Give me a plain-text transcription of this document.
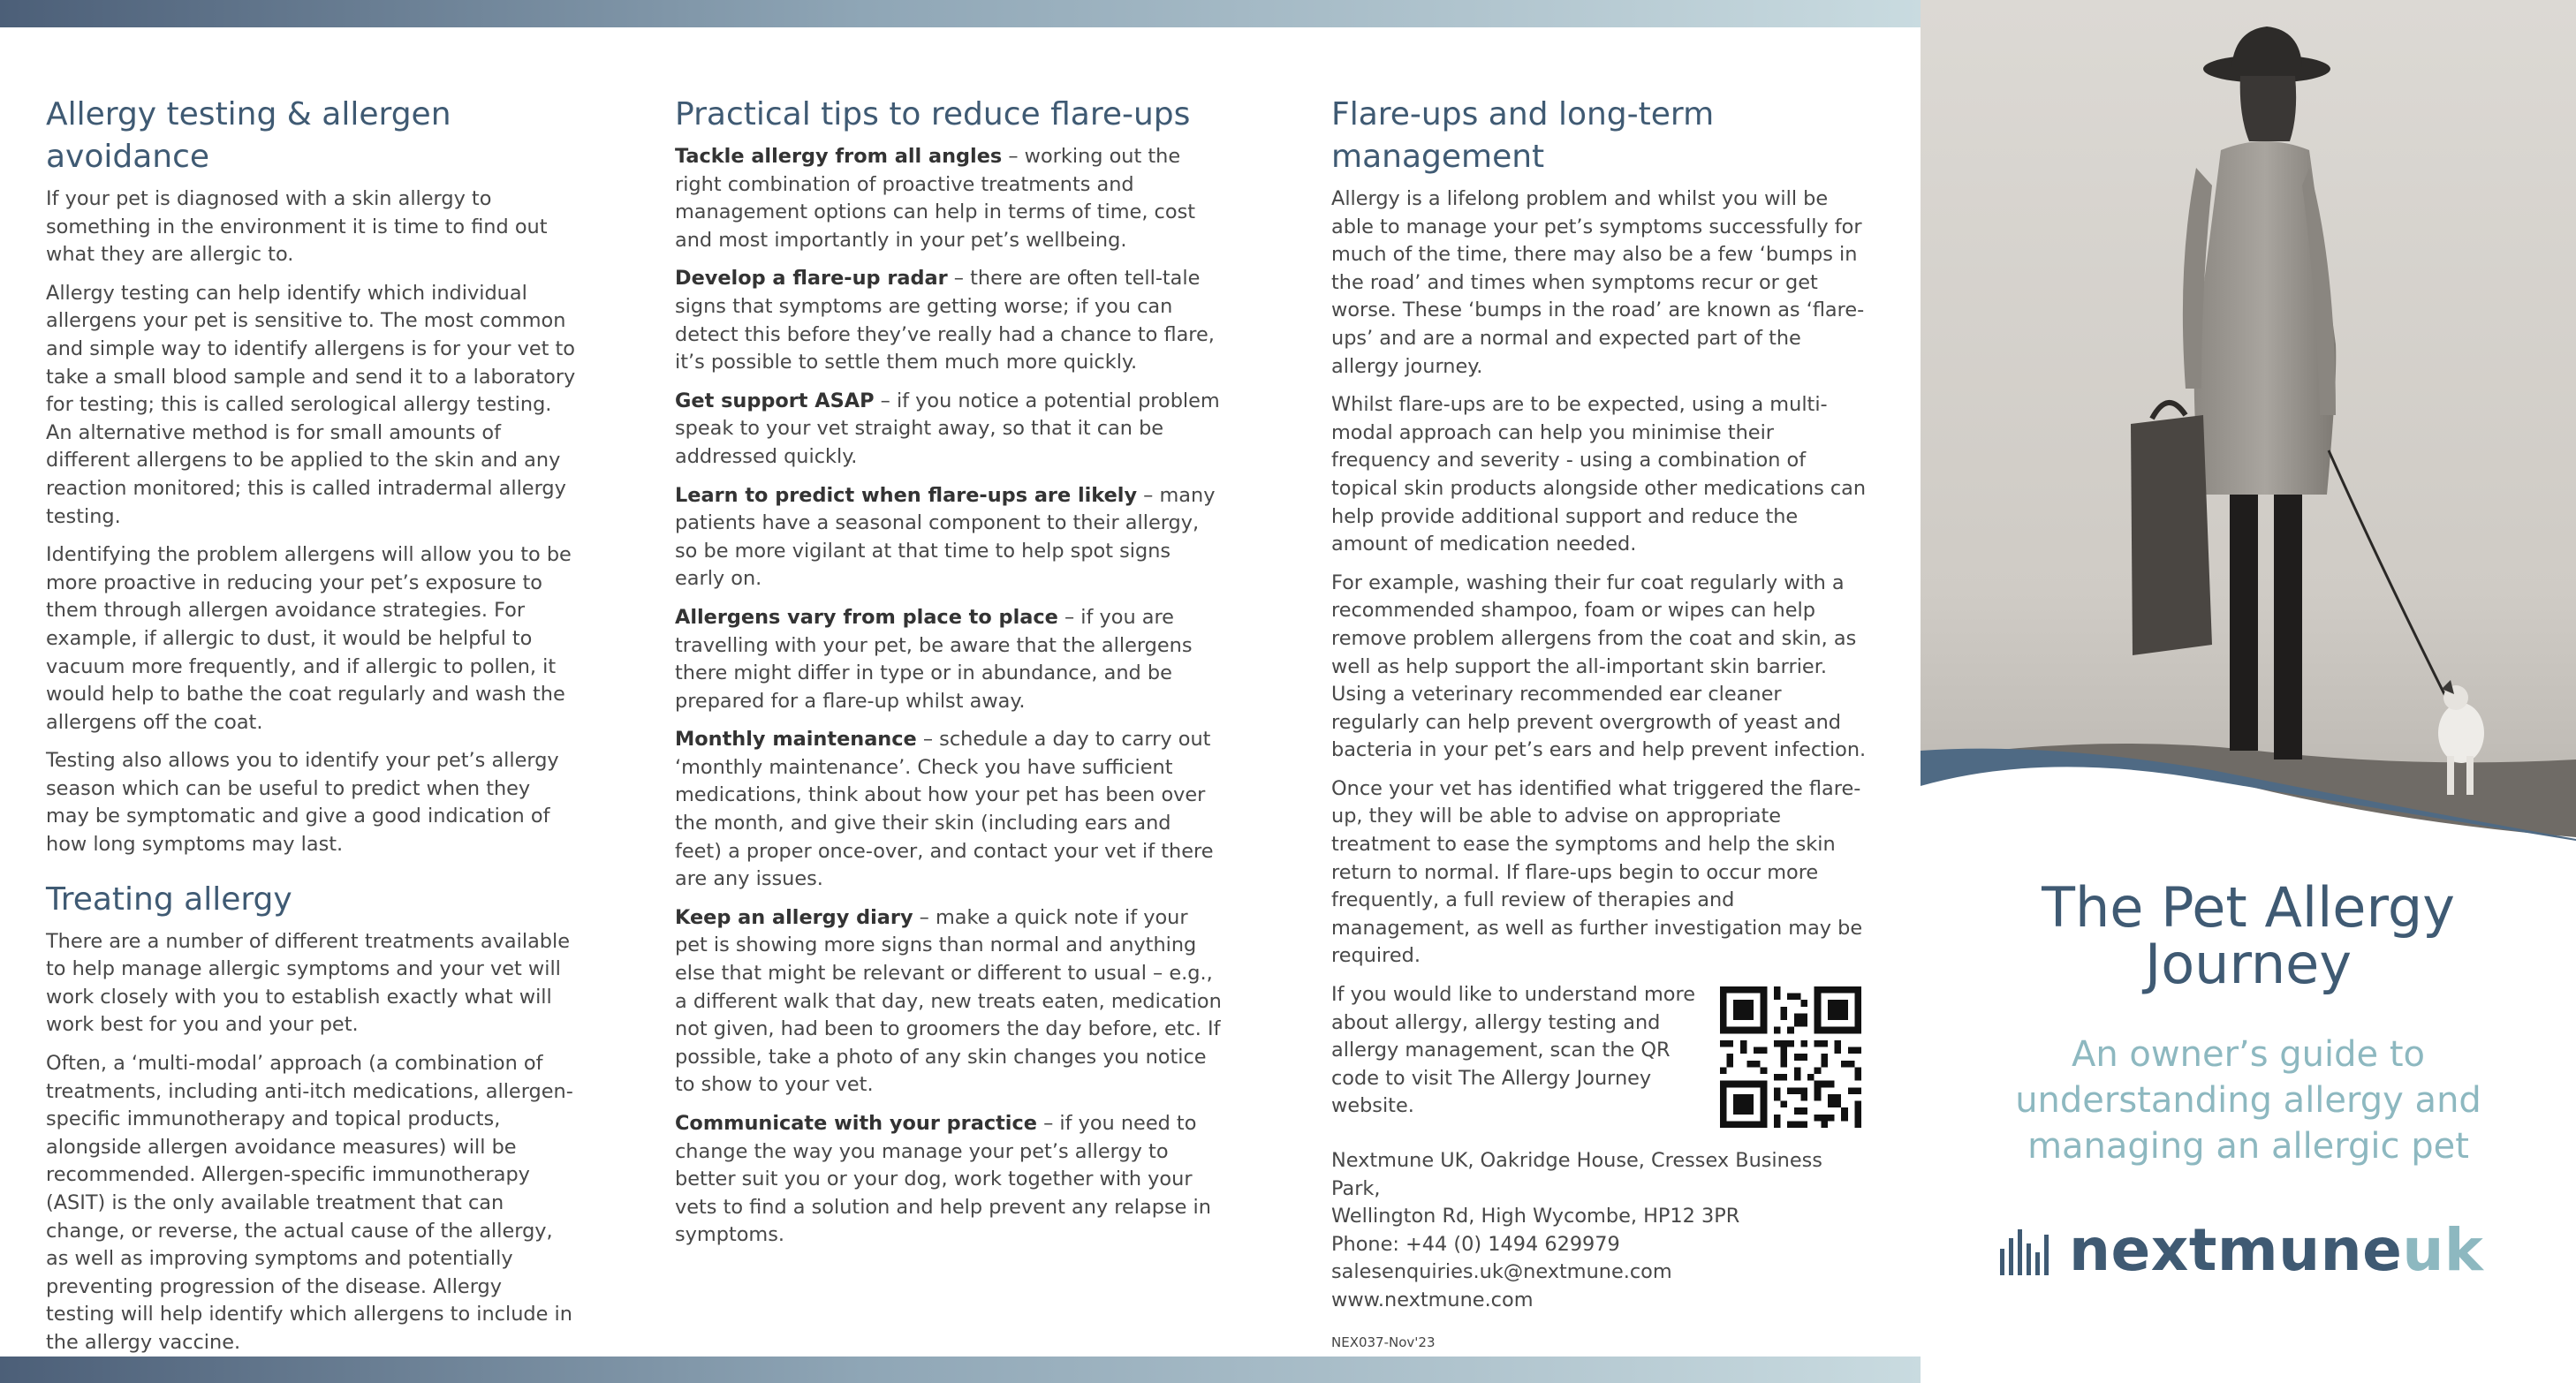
Allergy testing & allergen avoidance

If your pet is diagnosed with a skin allergy to something in the environment it is time to find out what they are allergic to.

Allergy testing can help identify which individual allergens your pet is sensitive to. The most common and simple way to identify allergens is for your vet to take a small blood sample and send it to a laboratory for testing; this is called serological allergy testing. An alternative method is for small amounts of different allergens to be applied to the skin and any reaction monitored; this is called intradermal allergy testing.

Identifying the problem allergens will allow you to be more proactive in reducing your pet’s exposure to them through allergen avoidance strategies. For example, if allergic to dust, it would be helpful to vacuum more frequently, and if allergic to pollen, it would help to bathe the coat regularly and wash the allergens off the coat.

Testing also allows you to identify your pet’s allergy season which can be useful to predict when they may be symptomatic and give a good indication of how long symptoms may last.

Treating allergy

There are a number of different treatments available to help manage allergic symptoms and your vet will work closely with you to establish exactly what will work best for you and your pet.

Often, a ‘multi-modal’ approach (a combination of treatments, including anti-itch medications, allergen-specific immunotherapy and topical products, alongside allergen avoidance measures) will be recommended. Allergen-specific immunotherapy (ASIT) is the only available treatment that can change, or reverse, the actual cause of the allergy, as well as improving symptoms and potentially preventing progression of the disease. Allergy testing will help identify which allergens to include in the allergy vaccine.

Practical tips to reduce flare-ups

Tackle allergy from all angles – working out the right combination of proactive treatments and management options can help in terms of time, cost and most importantly in your pet’s wellbeing.

Develop a flare-up radar – there are often tell-tale signs that symptoms are getting worse; if you can detect this before they’ve really had a chance to flare, it’s possible to settle them much more quickly.

Get support ASAP – if you notice a potential problem speak to your vet straight away, so that it can be addressed quickly.

Learn to predict when flare-ups are likely – many patients have a seasonal component to their allergy, so be more vigilant at that time to help spot signs early on.

Allergens vary from place to place – if you are travelling with your pet, be aware that the allergens there might differ in type or in abundance, and be prepared for a flare-up whilst away.

Monthly maintenance – schedule a day to carry out ‘monthly maintenance’. Check you have sufficient medications, think about how your pet has been over the month, and give their skin (including ears and feet) a proper once-over, and contact your vet if there are any issues.

Keep an allergy diary – make a quick note if your pet is showing more signs than normal and anything else that might be relevant or different to usual – e.g., a different walk that day, new treats eaten, medication not given, had been to groomers the day before, etc. If possible, take a photo of any skin changes you notice to show to your vet.

Communicate with your practice – if you need to change the way you manage your pet’s allergy to better suit you or your dog, work together with your vets to find a solution and help prevent any relapse in symptoms.

Flare-ups and long-term management

Allergy is a lifelong problem and whilst you will be able to manage your pet’s symptoms successfully for much of the time, there may also be a few ‘bumps in the road’ and times when symptoms recur or get worse. These ‘bumps in the road’ are known as ‘flare-ups’ and are a normal and expected part of the allergy journey.

Whilst flare-ups are to be expected, using a multi-modal approach can help you minimise their frequency and severity - using a combination of topical skin products alongside other medications can help provide additional support and reduce the amount of medication needed.

For example, washing their fur coat regularly with a recommended shampoo, foam or wipes can help remove problem allergens from the coat and skin, as well as help support the all-important skin barrier. Using a veterinary recommended ear cleaner regularly can help prevent overgrowth of yeast and bacteria in your pet’s ears and help prevent infection.

Once your vet has identified what triggered the flare-up, they will be able to advise on appropriate treatment to ease the symptoms and help the skin return to normal. If flare-ups begin to occur more frequently, a full review of therapies and management, as well as further investigation may be required.

If you would like to understand more about allergy, allergy testing and allergy management, scan the QR code to visit The Allergy Journey website.

Nextmune UK, Oakridge House, Cressex Business Park,

Wellington Rd, High Wycombe, HP12 3PR

Phone: +44 (0) 1494 629979

salesenquiries.uk@nextmune.com

www.nextmune.com

NEX037-Nov'23
The Pet Allergy
Journey
An owner’s guide to
understanding allergy and
managing an allergic pet
nextmuneuk
